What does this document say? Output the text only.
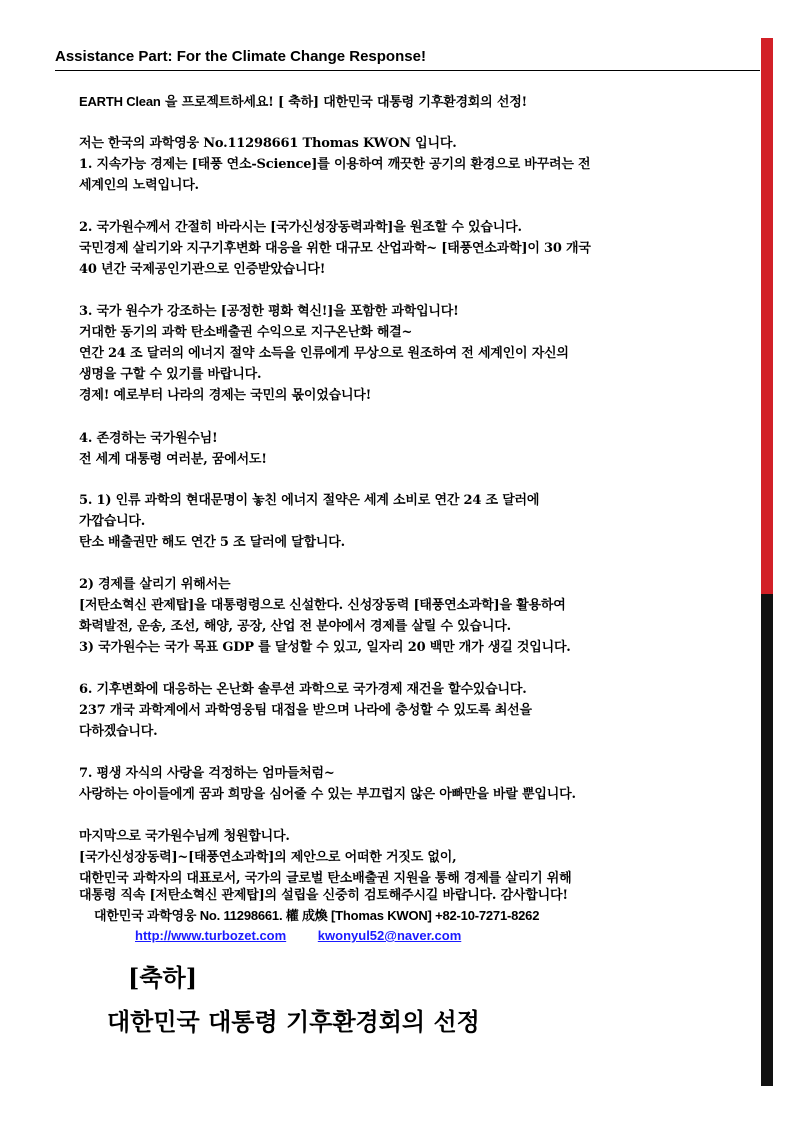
Assistance Part: For the Climate Change Response!
EARTH Clean 을 프로젝트하세요! [ 축하] 대한민국 대통령 기후환경회의 선정!
저는 한국의 과학영웅 No.11298661 Thomas KWON 입니다.
1. 지속가능 경제는 [태풍 연소-Science]를 이용하여 깨끗한 공기의 환경으로 바꾸려는 전
세계인의 노력입니다.
2. 국가원수께서 간절히 바라시는 [국가신성장동력과학]을 원조할 수 있습니다.
국민경제 살리기와 지구기후변화 대응을 위한 대규모 산업과학~ [태풍연소과학]이 30 개국
40 년간 국제공인기관으로 인증받았습니다!
3. 국가 원수가 강조하는 [공정한 평화 혁신!]을 포함한 과학입니다!
거대한 동기의 과학 탄소배출권 수익으로 지구온난화 해결~
연간 24 조 달러의 에너지 절약 소득을 인류에게 무상으로 원조하여 전 세계인이 자신의
생명을 구할 수 있기를 바랍니다.
경제! 예로부터 나라의 경제는 국민의 몫이었습니다!
4. 존경하는 국가원수님!
전 세계 대통령 여러분, 꿈에서도!
5. 1) 인류 과학의 현대문명이 놓친 에너지 절약은 세계 소비로 연간 24 조 달러에
가깝습니다.
탄소 배출권만 해도 연간 5 조 달러에 달합니다.
2) 경제를 살리기 위해서는
[저탄소혁신 관제탑]을 대통령령으로 신설한다. 신성장동력 [태풍연소과학]을 활용하여
화력발전, 운송, 조선, 해양, 공장, 산업 전 분야에서 경제를 살릴 수 있습니다.
3) 국가원수는 국가 목표 GDP 를 달성할 수 있고, 일자리 20 백만 개가 생길 것입니다.
6. 기후변화에 대응하는 온난화 솔루션 과학으로 국가경제 재건을 할수있습니다.
237 개국 과학계에서 과학영웅팀 대접을 받으며 나라에 충성할 수 있도록 최선을
다하겠습니다.
7. 평생 자식의 사랑을 걱정하는 엄마들처럼~
사랑하는 아이들에게 꿈과 희망을 심어줄 수 있는 부끄럽지 않은 아빠만을 바랄 뿐입니다.
마지막으로 국가원수님께 청원합니다.
[국가신성장동력]~[태풍연소과학]의 제안으로 어떠한 거짓도 없이,
대한민국 과학자의 대표로서, 국가의 글로벌 탄소배출권 지원을 통해 경제를 살리기 위해
대통령 직속 [저탄소혁신 관제탑]의 설립을 신중히 검토해주시길 바랍니다. 감사합니다!
대한민국 과학영웅 No. 11298661. 權 成煥 [Thomas KWON] +82-10-7271-8262
http://www.turbozet.com kwonyul52@naver.com
[축하]
대한민국 대통령 기후환경회의 선정
